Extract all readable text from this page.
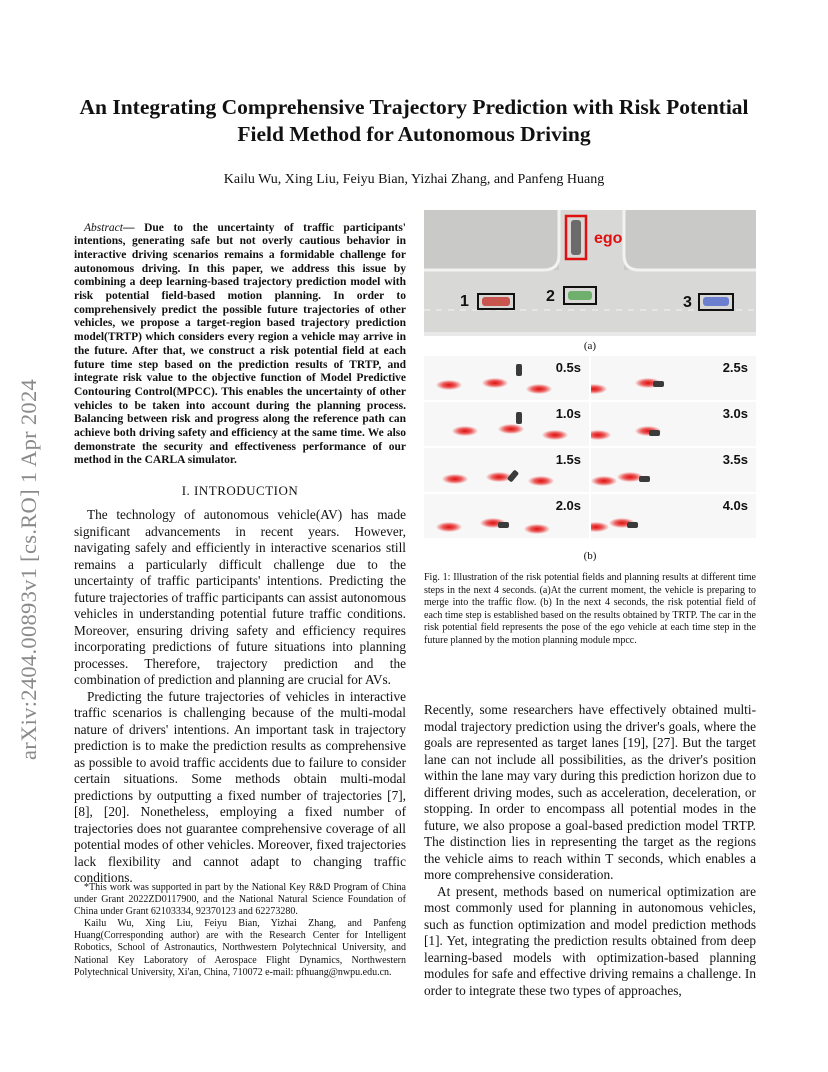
arXiv:2404.00893v1 [cs.RO] 1 Apr 2024
An Integrating Comprehensive Trajectory Prediction with Risk Potential Field Method for Autonomous Driving
Kailu Wu, Xing Liu, Feiyu Bian, Yizhai Zhang, and Panfeng Huang

Abstract— Due to the uncertainty of traffic participants' intentions, generating safe but not overly cautious behavior in interactive driving scenarios remains a formidable challenge for autonomous driving. In this paper, we address this issue by combining a deep learning-based trajectory prediction model with risk potential field-based motion planning. In order to comprehensively predict the possible future trajectories of other vehicles, we propose a target-region based trajectory prediction model(TRTP) which considers every region a vehicle may arrive in the future. After that, we construct a risk potential field at each future time step based on the prediction results of TRTP, and integrate risk value to the objective function of Model Predictive Contouring Control(MPCC). This enables the uncertainty of other vehicles to be taken into account during the planning process. Balancing between risk and progress along the reference path can achieve both driving safety and efficiency at the same time. We also demonstrate the security and effectiveness performance of our method in the CARLA simulator.

I. INTRODUCTION

The technology of autonomous vehicle(AV) has made significant advancements in recent years. However, navigating safely and efficiently in interactive scenarios still remains a particularly difficult challenge due to the uncertainty of traffic participants' intentions. Predicting the future trajectories of traffic participants can assist autonomous vehicles in understanding potential future traffic conditions. Moreover, ensuring driving safety and efficiency requires incorporating predictions of future situations into planning processes. Therefore, trajectory prediction and the combination of prediction and planning are crucial for AVs.

Predicting the future trajectories of vehicles in interactive traffic scenarios is challenging because of the multi-modal nature of drivers' intentions. An important task in trajectory prediction is to make the prediction results as comprehensive as possible to avoid traffic accidents due to failure to consider certain situations. Some methods obtain multi-modal predictions by outputting a fixed number of trajectories [7], [8], [20]. Nonetheless, employing a fixed number of trajectories does not guarantee comprehensive coverage of all potential modes of other vehicles. Moreover, fixed trajectories lack flexibility and cannot adapt to changing traffic conditions.

*This work was supported in part by the National Key R&D Program of China under Grant 2022ZD0117900, and the National Natural Science Foundation of China under Grant 62103334, 92370123 and 62273280.

Kailu Wu, Xing Liu, Feiyu Bian, Yizhai Zhang, and Panfeng Huang(Corresponding author) are with the Research Center for Intelligent Robotics, School of Astronautics, Northwestern Polytechnical University, and National Key Laboratory of Aerospace Flight Dynamics, Northwestern Polytechnical University, Xi'an, China, 710072 e-mail: pfhuang@nwpu.edu.cn.

ego
1	2	3
(a)
0.5s	2.5s
1.0s	3.0s
1.5s	3.5s
2.0s	4.0s
(b)
Fig. 1: Illustration of the risk potential fields and planning results at different time steps in the next 4 seconds. (a)At the current moment, the vehicle is preparing to merge into the traffic flow. (b) In the next 4 seconds, the risk potential field of each time step is established based on the results obtained by TRTP. The car in the risk potential field represents the pose of the ego vehicle at each time step in the future planned by the motion planning module mpcc.

Recently, some researchers have effectively obtained multi-modal trajectory prediction using the driver's goals, where the goals are represented as target lanes [19], [27]. But the target lane can not include all possibilities, as the driver's position within the lane may vary during this prediction horizon due to different driving modes, such as acceleration, deceleration, or stopping. In order to encompass all potential modes in the future, we also propose a goal-based prediction model TRTP. The distinction lies in representing the target as the regions the vehicle aims to reach within T seconds, which enables a more comprehensive consideration.

At present, methods based on numerical optimization are most commonly used for planning in autonomous vehicles, such as function optimization and model prediction methods [1]. Yet, integrating the prediction results obtained from deep learning-based models with optimization-based planning modules for safe and effective driving remains a challenge. In order to integrate these two types of approaches,
